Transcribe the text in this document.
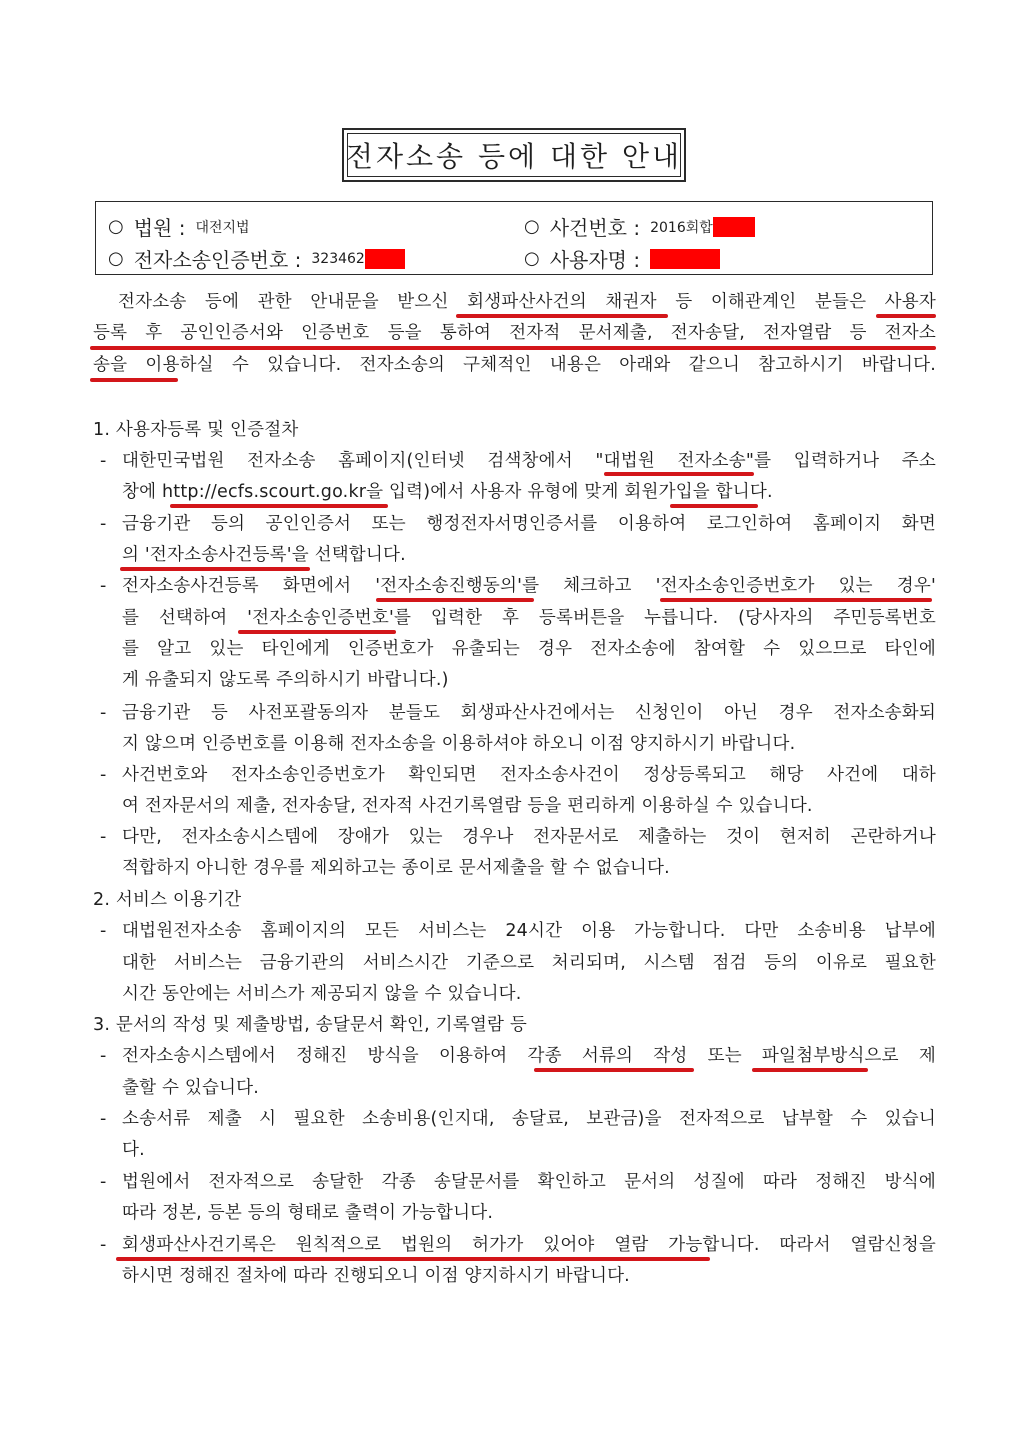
전자소송 등에 대한 안내
○ 법원 : 대전지법	○ 사건번호 : 2016회합
○ 전자소송인증번호 : 323462	○ 사용자명 :
전자소송 등에 관한 안내문을 받으신 회생파산사건의 채권자 등 이해관계인 분들은 사용자
등록 후 공인인증서와 인증번호 등을 통하여 전자적 문서제출, 전자송달, 전자열람 등 전자소
송을 이용하실 수 있습니다. 전자소송의 구체적인 내용은 아래와 같으니 참고하시기 바랍니다.
1. 사용자등록 및 인증절차
- 대한민국법원 전자소송 홈페이지(인터넷 검색창에서 "대법원 전자소송"를 입력하거나 주소
창에 http://ecfs.scourt.go.kr을 입력)에서 사용자 유형에 맞게 회원가입을 합니다.
- 금융기관 등의 공인인증서 또는 행정전자서명인증서를 이용하여 로그인하여 홈페이지 화면
의 '전자소송사건등록'을 선택합니다.
- 전자소송사건등록 화면에서 '전자소송진행동의'를 체크하고 '전자소송인증번호가 있는 경우'
를 선택하여 '전자소송인증번호'를 입력한 후 등록버튼을 누릅니다. (당사자의 주민등록번호
를 알고 있는 타인에게 인증번호가 유출되는 경우 전자소송에 참여할 수 있으므로 타인에
게 유출되지 않도록 주의하시기 바랍니다.)
- 금융기관 등 사전포괄동의자 분들도 회생파산사건에서는 신청인이 아닌 경우 전자소송화되
지 않으며 인증번호를 이용해 전자소송을 이용하셔야 하오니 이점 양지하시기 바랍니다.
- 사건번호와 전자소송인증번호가 확인되면 전자소송사건이 정상등록되고 해당 사건에 대하
여 전자문서의 제출, 전자송달, 전자적 사건기록열람 등을 편리하게 이용하실 수 있습니다.
- 다만, 전자소송시스템에 장애가 있는 경우나 전자문서로 제출하는 것이 현저히 곤란하거나
적합하지 아니한 경우를 제외하고는 종이로 문서제출을 할 수 없습니다.
2. 서비스 이용기간
- 대법원전자소송 홈페이지의 모든 서비스는 24시간 이용 가능합니다. 다만 소송비용 납부에
대한 서비스는 금융기관의 서비스시간 기준으로 처리되며, 시스템 점검 등의 이유로 필요한
시간 동안에는 서비스가 제공되지 않을 수 있습니다.
3. 문서의 작성 및 제출방법, 송달문서 확인, 기록열람 등
- 전자소송시스템에서 정해진 방식을 이용하여 각종 서류의 작성 또는 파일첨부방식으로 제
출할 수 있습니다.
- 소송서류 제출 시 필요한 소송비용(인지대, 송달료, 보관금)을 전자적으로 납부할 수 있습니
다.
- 법원에서 전자적으로 송달한 각종 송달문서를 확인하고 문서의 성질에 따라 정해진 방식에
따라 정본, 등본 등의 형태로 출력이 가능합니다.
- 회생파산사건기록은 원칙적으로 법원의 허가가 있어야 열람 가능합니다. 따라서 열람신청을
하시면 정해진 절차에 따라 진행되오니 이점 양지하시기 바랍니다.
